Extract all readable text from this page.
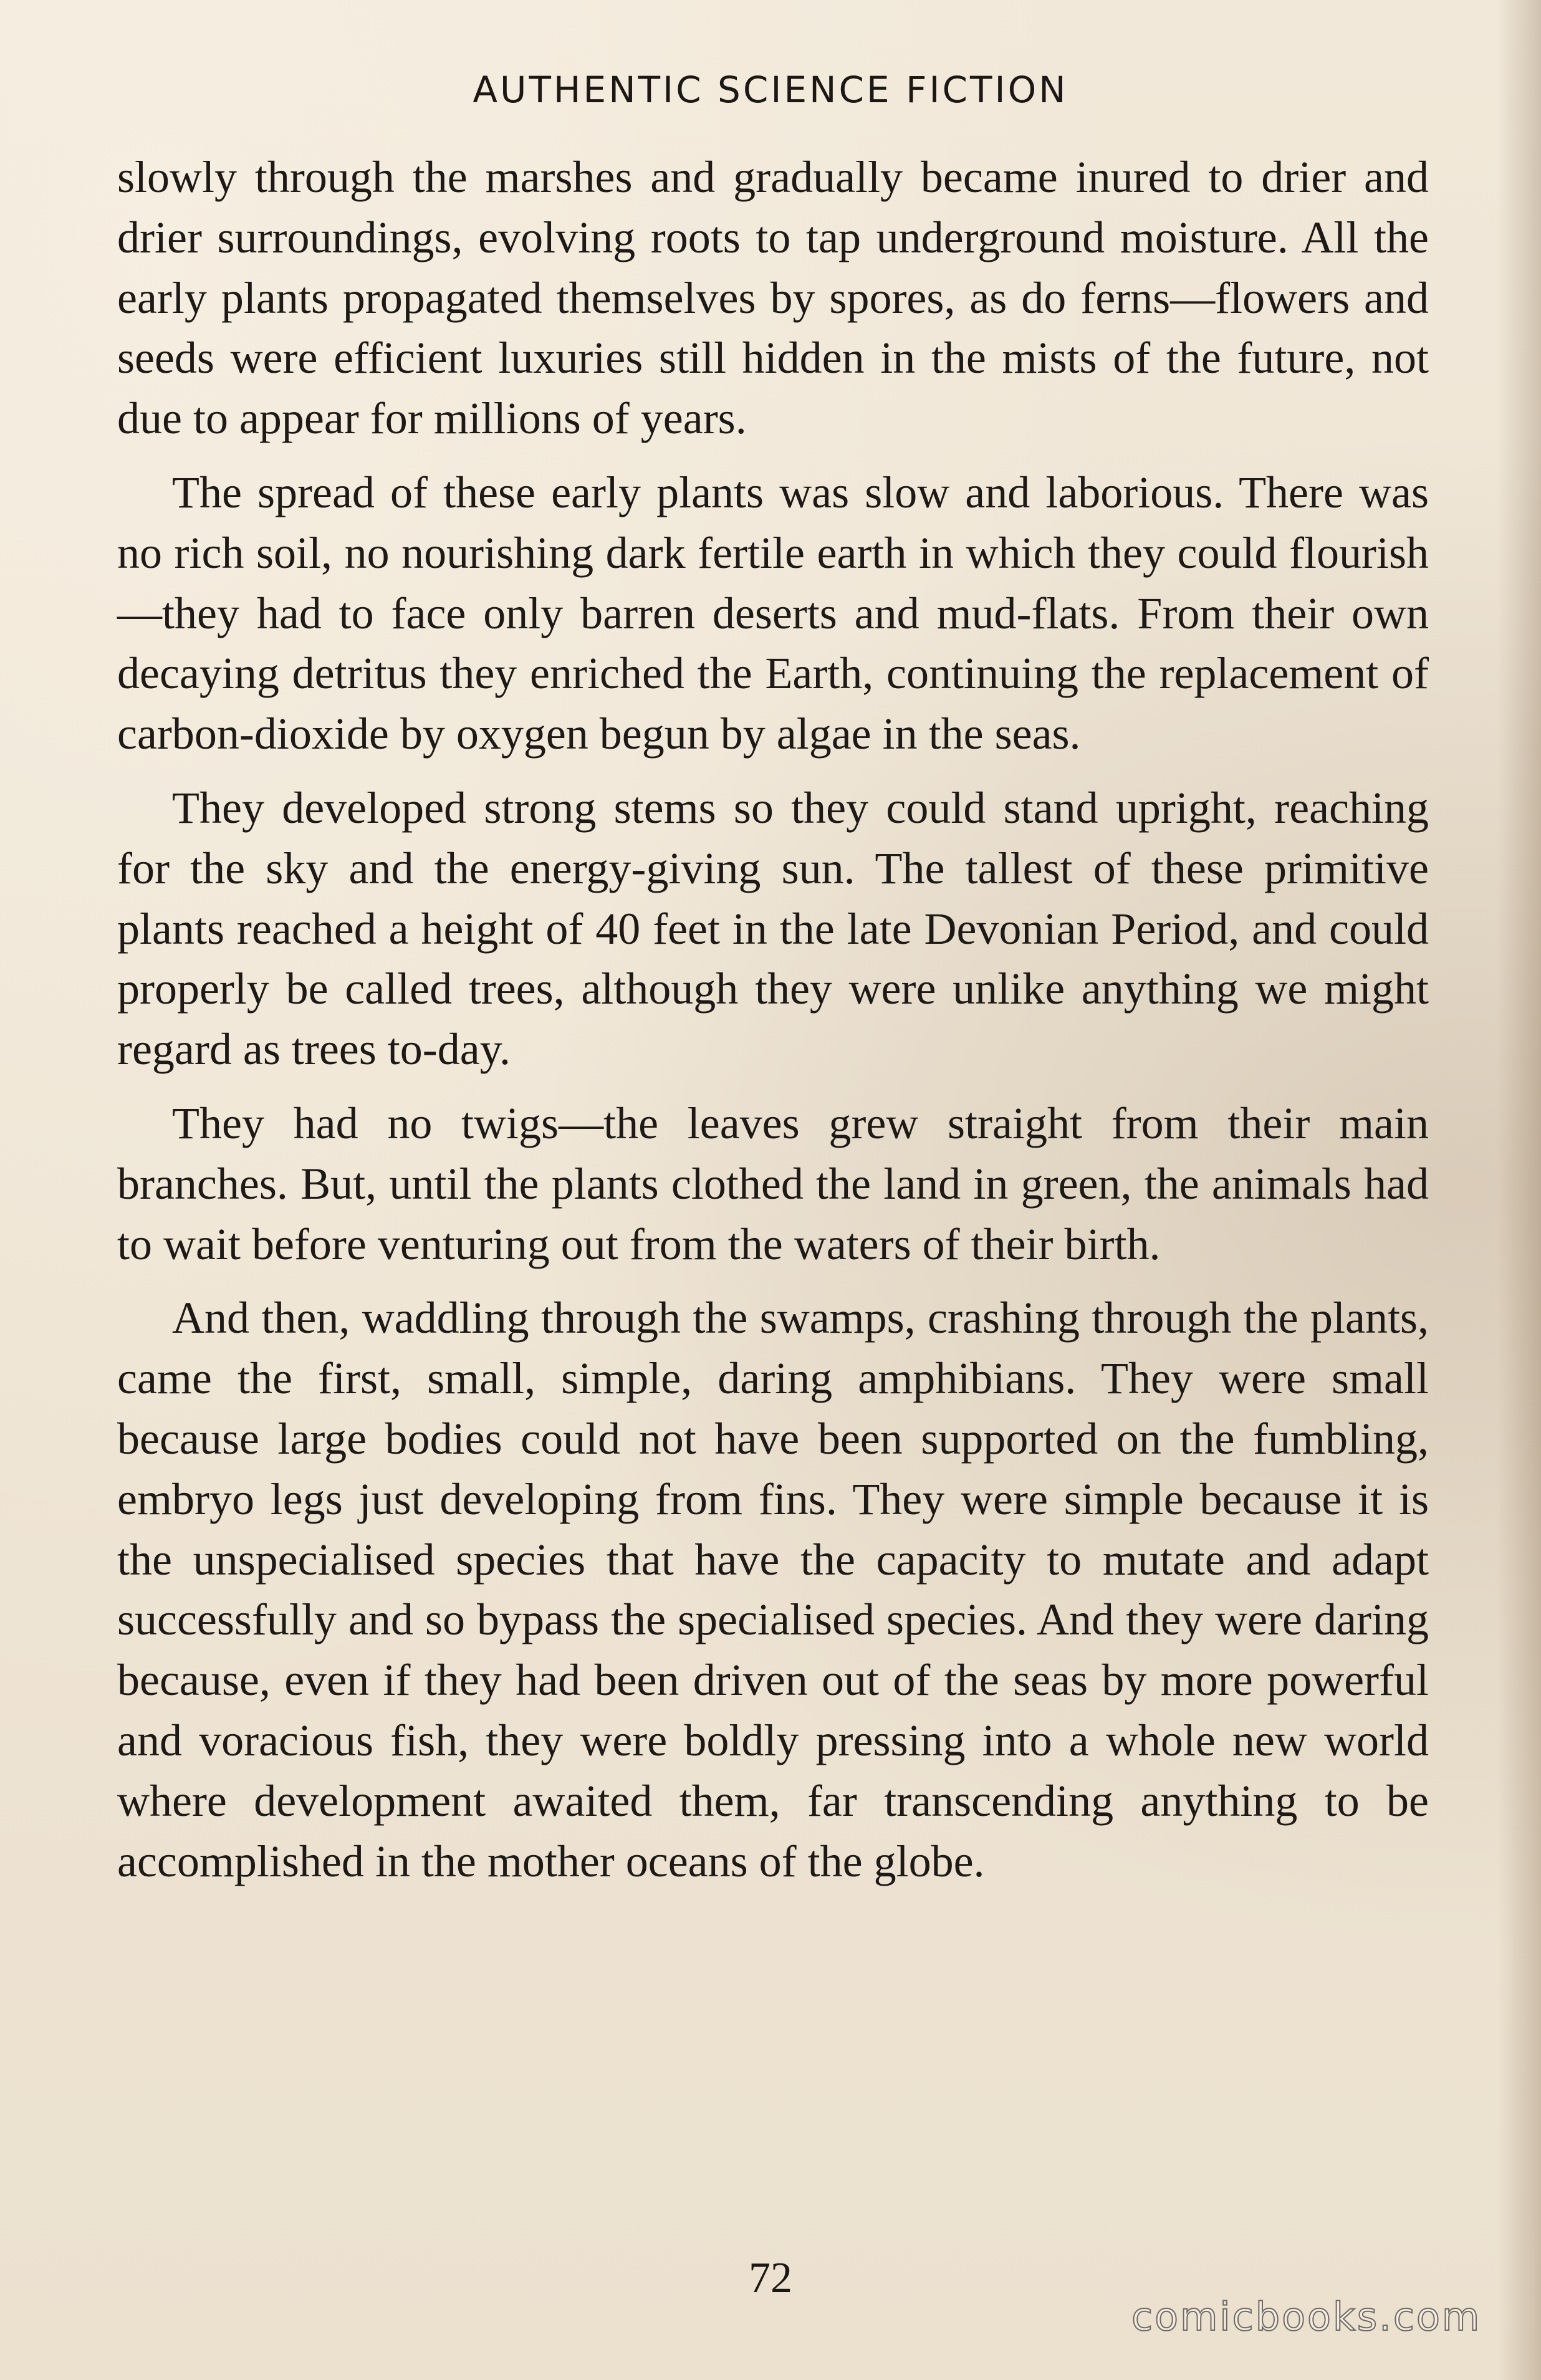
AUTHENTIC SCIENCE FICTION

slowly through the marshes and gradually became inured to drier and drier surroundings, evolving roots to tap underground moisture. All the early plants propagated themselves by spores, as do ferns—flowers and seeds were efficient luxuries still hidden in the mists of the future, not due to appear for millions of years.

The spread of these early plants was slow and laborious. There was no rich soil, no nourishing dark fertile earth in which they could flourish—they had to face only barren deserts and mud-flats. From their own decaying detritus they enriched the Earth, continuing the replacement of carbon-dioxide by oxygen begun by algae in the seas.

They developed strong stems so they could stand upright, reaching for the sky and the energy-giving sun. The tallest of these primitive plants reached a height of 40 feet in the late Devonian Period, and could properly be called trees, although they were unlike anything we might regard as trees to-day.

They had no twigs—the leaves grew straight from their main branches. But, until the plants clothed the land in green, the animals had to wait before venturing out from the waters of their birth.

And then, waddling through the swamps, crashing through the plants, came the first, small, simple, daring amphibians. They were small because large bodies could not have been supported on the fumbling, embryo legs just developing from fins. They were simple because it is the unspecialised species that have the capacity to mutate and adapt successfully and so bypass the specialised species. And they were daring because, even if they had been driven out of the seas by more powerful and voracious fish, they were boldly pressing into a whole new world where development awaited them, far transcending anything to be accomplished in the mother oceans of the globe.

72
comicbooks.com
